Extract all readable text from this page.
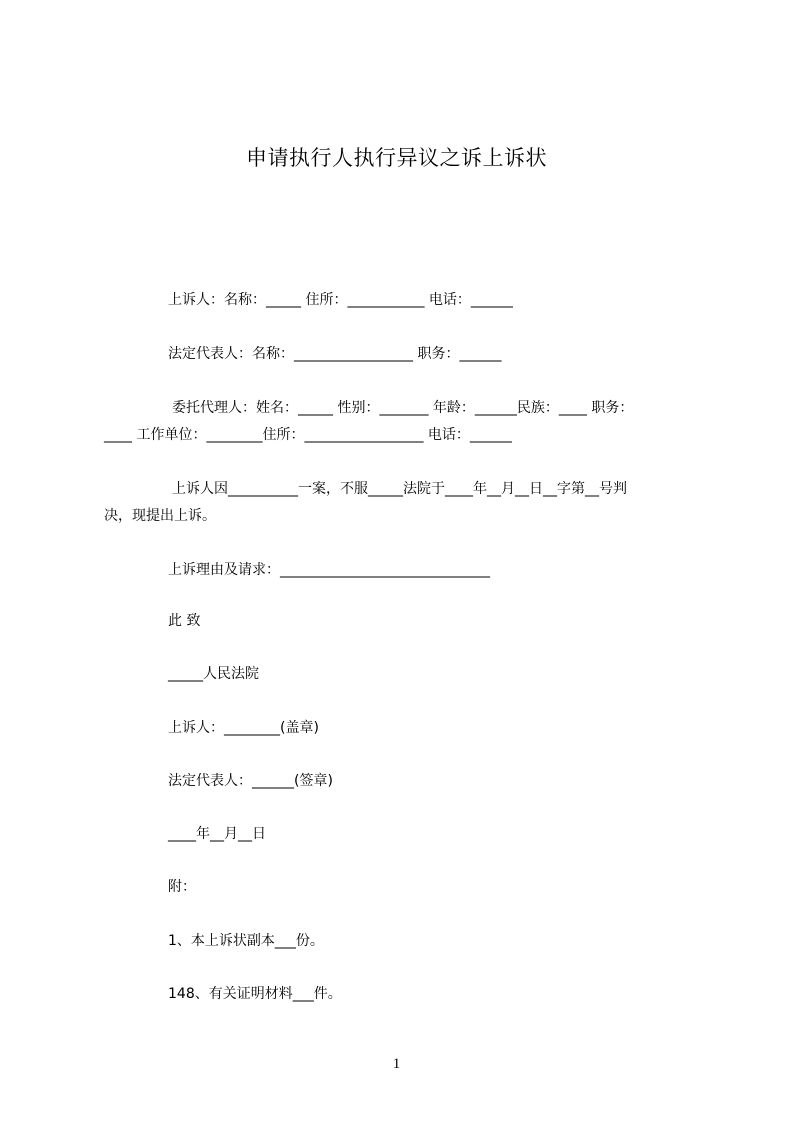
申请执行人执行异议之诉上诉状
上诉人：名称：_____ 住所：___________ 电话：______
法定代表人：名称：_________________ 职务：______
委托代理人：姓名：_____ 性别：_______ 年龄：______民族：____ 职务：
____ 工作单位：________住所：_________________ 电话：______
上诉人因__________一案，不服_____法院于____年__月__日__字第__号判
决，现提出上诉。
上诉理由及请求：______________________________
此 致
_____人民法院
上诉人：________(盖章)
法定代表人：______(签章)
____年__月__日
附：
1、本上诉状副本___份。
148、有关证明材料___件。
1
